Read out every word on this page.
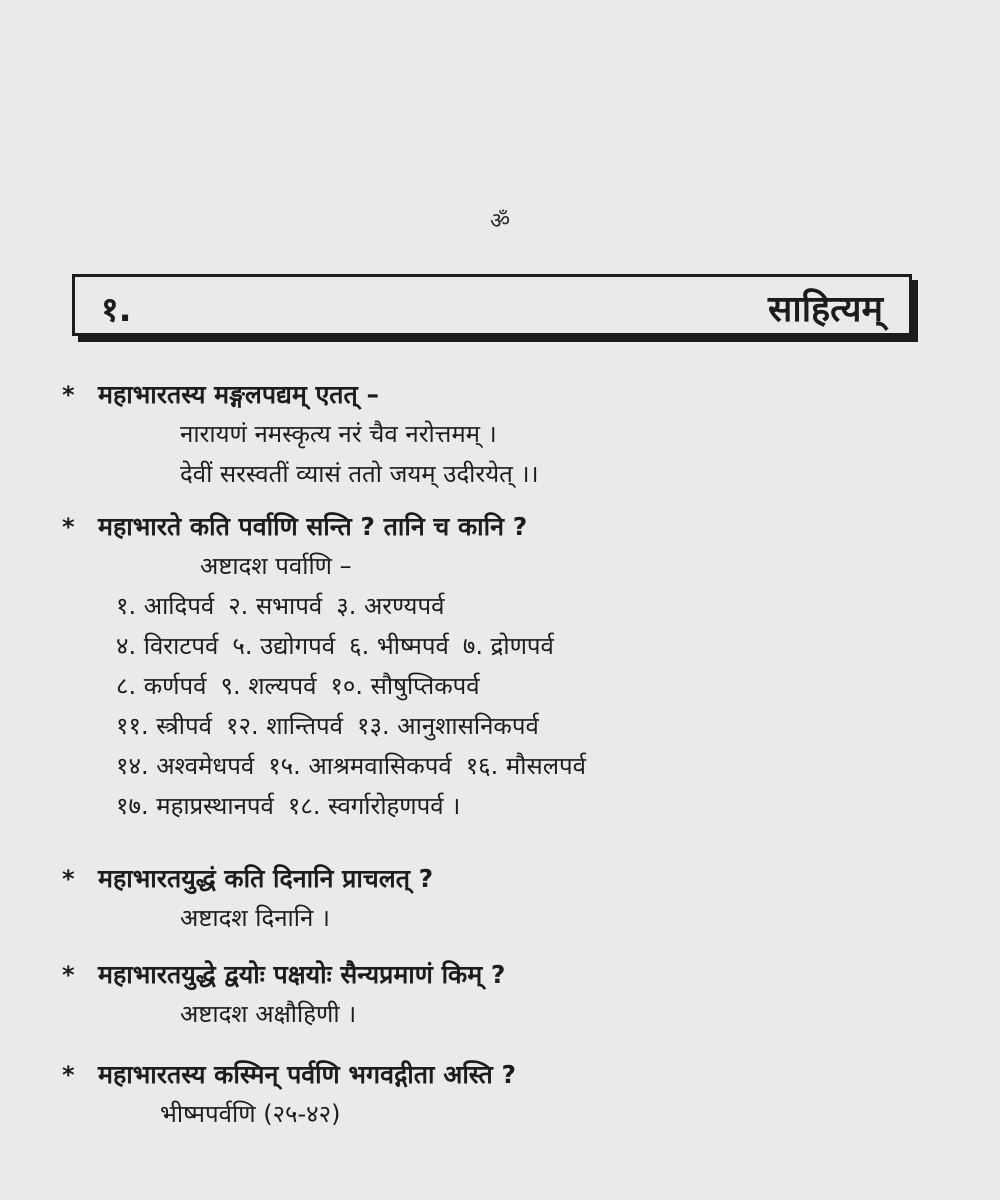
ॐ
१.	साहित्यम्
* महाभारतस्य मङ्गलपद्यम् एतत् –
नारायणं नमस्कृत्य नरं चैव नरोत्तमम् ।
देवीं सरस्वतीं व्यासं ततो जयम् उदीरयेत् ।।
* महाभारते कति पर्वाणि सन्ति ? तानि च कानि ?
अष्टादश पर्वाणि –
१. आदिपर्व २. सभापर्व ३. अरण्यपर्व
४. विराटपर्व ५. उद्योगपर्व ६. भीष्मपर्व ७. द्रोणपर्व
८. कर्णपर्व ९. शल्यपर्व १०. सौषुप्तिकपर्व
११. स्त्रीपर्व १२. शान्तिपर्व १३. आनुशासनिकपर्व
१४. अश्वमेधपर्व १५. आश्रमवासिकपर्व १६. मौसलपर्व
१७. महाप्रस्थानपर्व १८. स्वर्गारोहणपर्व ।
* महाभारतयुद्धं कति दिनानि प्राचलत् ?
अष्टादश दिनानि ।
* महाभारतयुद्धे द्वयोः पक्षयोः सैन्यप्रमाणं किम् ?
अष्टादश अक्षौहिणी ।
* महाभारतस्य कस्मिन् पर्वणि भगवद्गीता अस्ति ?
भीष्मपर्वणि (२५-४२)
